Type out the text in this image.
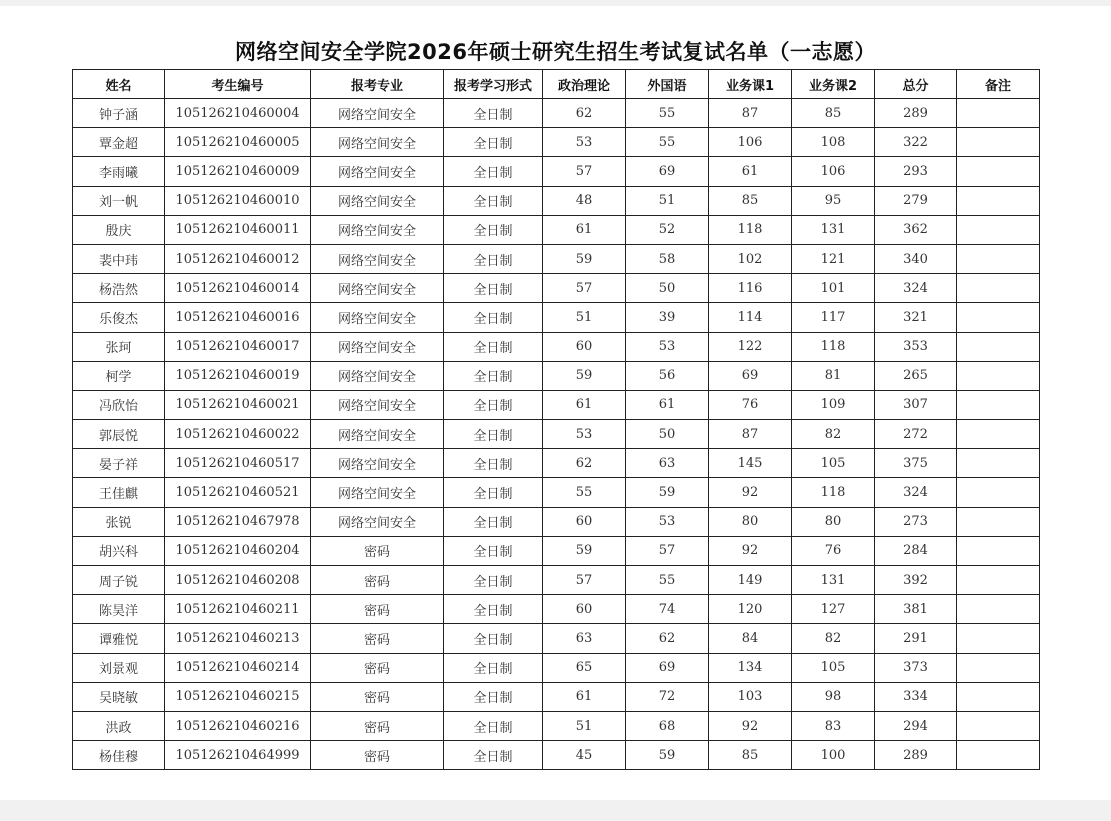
网络空间安全学院2026年硕士研究生招生考试复试名单（一志愿）
姓名	考生编号	报考专业	报考学习形式	政治理论	外国语	业务课1	业务课2	总分	备注
钟子涵	105126210460004	网络空间安全	全日制	62	55	87	85	289	
覃金超	105126210460005	网络空间安全	全日制	53	55	106	108	322	
李雨曦	105126210460009	网络空间安全	全日制	57	69	61	106	293	
刘一帆	105126210460010	网络空间安全	全日制	48	51	85	95	279	
殷庆	105126210460011	网络空间安全	全日制	61	52	118	131	362	
裴中玮	105126210460012	网络空间安全	全日制	59	58	102	121	340	
杨浩然	105126210460014	网络空间安全	全日制	57	50	116	101	324	
乐俊杰	105126210460016	网络空间安全	全日制	51	39	114	117	321	
张珂	105126210460017	网络空间安全	全日制	60	53	122	118	353	
柯学	105126210460019	网络空间安全	全日制	59	56	69	81	265	
冯欣怡	105126210460021	网络空间安全	全日制	61	61	76	109	307	
郭辰悦	105126210460022	网络空间安全	全日制	53	50	87	82	272	
晏子祥	105126210460517	网络空间安全	全日制	62	63	145	105	375	
王佳麒	105126210460521	网络空间安全	全日制	55	59	92	118	324	
张锐	105126210467978	网络空间安全	全日制	60	53	80	80	273	
胡兴科	105126210460204	密码	全日制	59	57	92	76	284	
周子锐	105126210460208	密码	全日制	57	55	149	131	392	
陈昊洋	105126210460211	密码	全日制	60	74	120	127	381	
谭雅悦	105126210460213	密码	全日制	63	62	84	82	291	
刘景观	105126210460214	密码	全日制	65	69	134	105	373	
吴晓敏	105126210460215	密码	全日制	61	72	103	98	334	
洪政	105126210460216	密码	全日制	51	68	92	83	294	
杨佳穆	105126210464999	密码	全日制	45	59	85	100	289	
